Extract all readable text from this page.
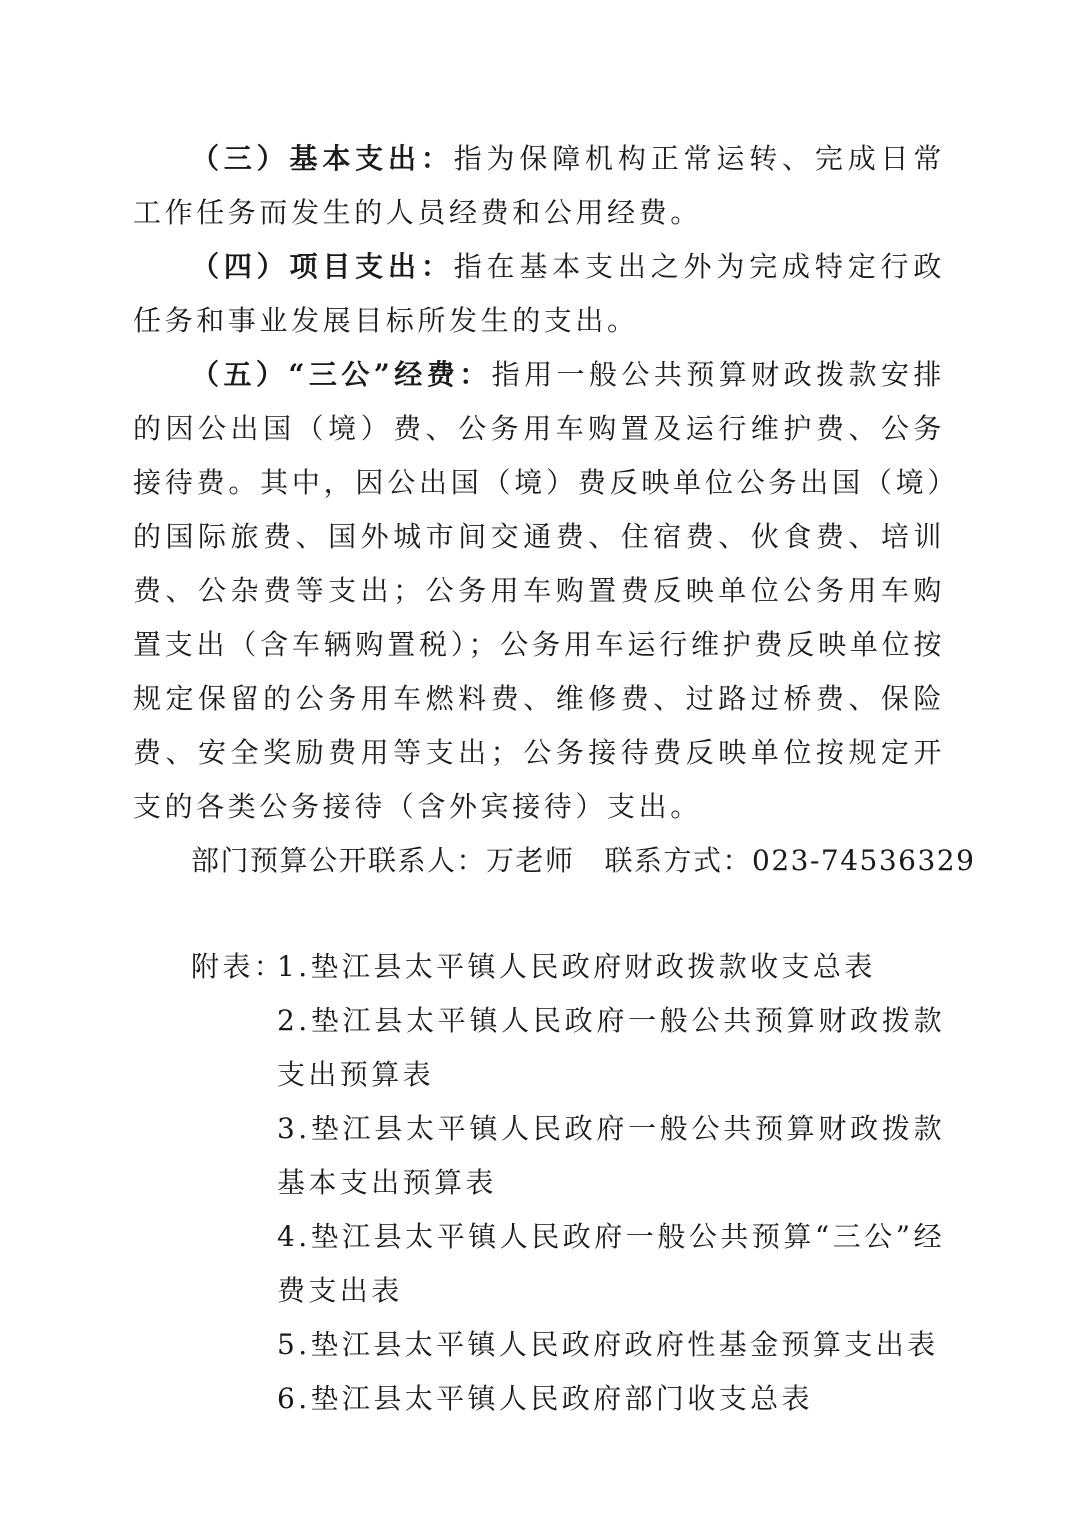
（三）基本支出：指为保障机构正常运转、完成日常工作任务而发生的人员经费和公用经费。

（四）项目支出：指在基本支出之外为完成特定行政任务和事业发展目标所发生的支出。

（五）“三公”经费：指用一般公共预算财政拨款安排的因公出国（境）费、公务用车购置及运行维护费、公务接待费。其中，因公出国（境）费反映单位公务出国（境）的国际旅费、国外城市间交通费、住宿费、伙食费、培训费、公杂费等支出；公务用车购置费反映单位公务用车购置支出（含车辆购置税）；公务用车运行维护费反映单位按规定保留的公务用车燃料费、维修费、过路过桥费、保险费、安全奖励费用等支出；公务接待费反映单位按规定开支的各类公务接待（含外宾接待）支出。

部门预算公开联系人：万老师 联系方式：023-74536329

附表：
1.垫江县太平镇人民政府财政拨款收支总表
2.垫江县太平镇人民政府一般公共预算财政拨款支出预算表
3.垫江县太平镇人民政府一般公共预算财政拨款基本支出预算表
4.垫江县太平镇人民政府一般公共预算“三公”经费支出表
5.垫江县太平镇人民政府政府性基金预算支出表
6.垫江县太平镇人民政府部门收支总表
